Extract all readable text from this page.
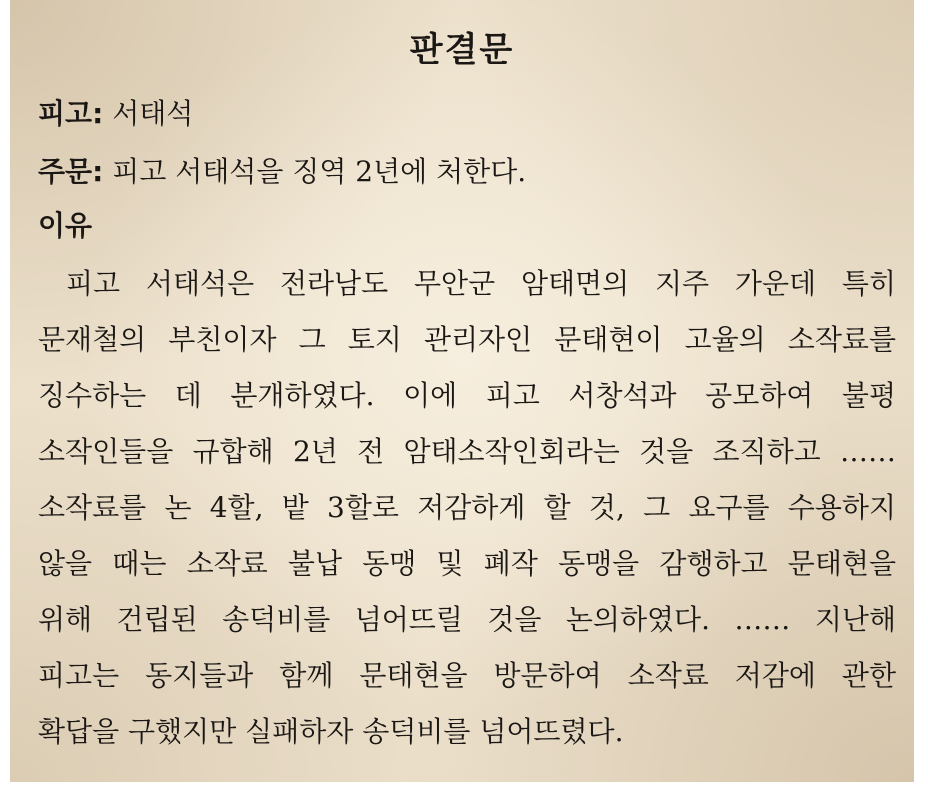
판결문
피고: 서태석
주문: 피고 서태석을 징역 2년에 처한다.
이유
피고 서태석은 전라남도 무안군 암태면의 지주 가운데 특히
문재철의 부친이자 그 토지 관리자인 문태현이 고율의 소작료를
징수하는 데 분개하였다. 이에 피고 서창석과 공모하여 불평
소작인들을 규합해 2년 전 암태소작인회라는 것을 조직하고 ……
소작료를 논 4할, 밭 3할로 저감하게 할 것, 그 요구를 수용하지
않을 때는 소작료 불납 동맹 및 폐작 동맹을 감행하고 문태현을
위해 건립된 송덕비를 넘어뜨릴 것을 논의하였다. …… 지난해
피고는 동지들과 함께 문태현을 방문하여 소작료 저감에 관한
확답을 구했지만 실패하자 송덕비를 넘어뜨렸다.
